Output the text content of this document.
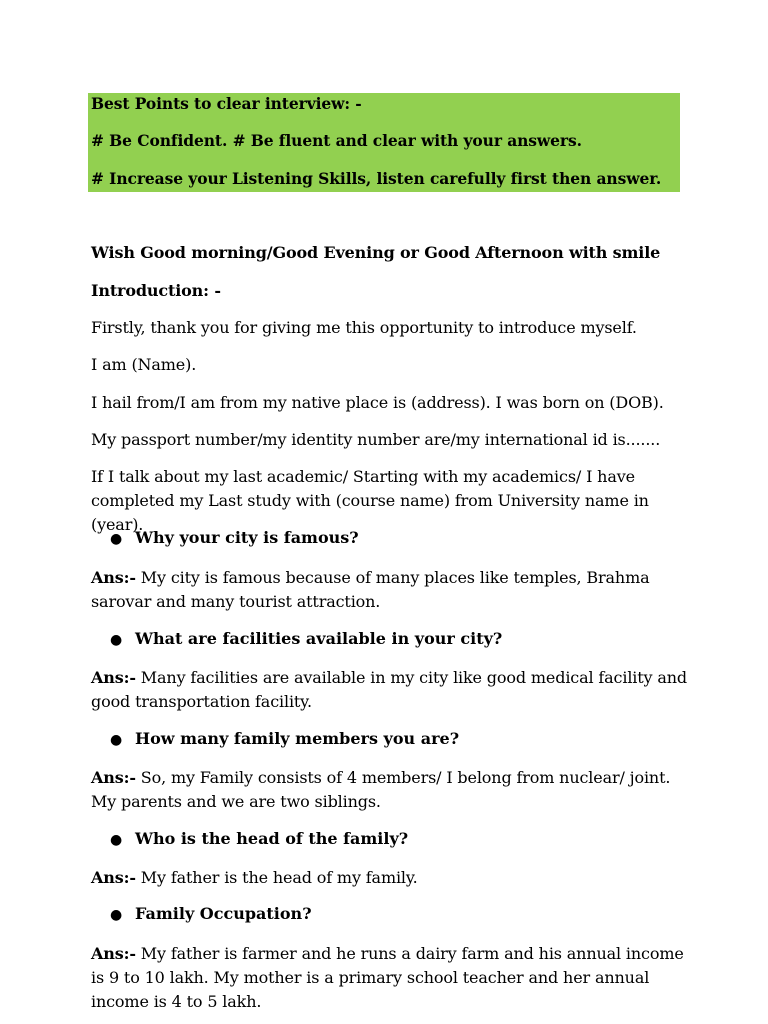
Best Points to clear interview: -
# Be Confident. # Be fluent and clear with your answers.
# Increase your Listening Skills, listen carefully first then answer.
Wish Good morning/Good Evening or Good Afternoon with smile
Introduction: -
Firstly, thank you for giving me this opportunity to introduce myself.
I am (Name).
I hail from/I am from my native place is (address). I was born on (DOB).
My passport number/my identity number are/my international id is.......
If I talk about my last academic/ Starting with my academics/ I have completed my Last study with (course name) from University name in (year).
● Why your city is famous?
Ans:- My city is famous because of many places like temples, Brahma sarovar and many tourist attraction.
● What are facilities available in your city?
Ans:- Many facilities are available in my city like good medical facility and good transportation facility.
● How many family members you are?
Ans:- So, my Family consists of 4 members/ I belong from nuclear/ joint. My parents and we are two siblings.
● Who is the head of the family?
Ans:- My father is the head of my family.
● Family Occupation?
Ans:- My father is farmer and he runs a dairy farm and his annual income is 9 to 10 lakh. My mother is a primary school teacher and her annual income is 4 to 5 lakh.
